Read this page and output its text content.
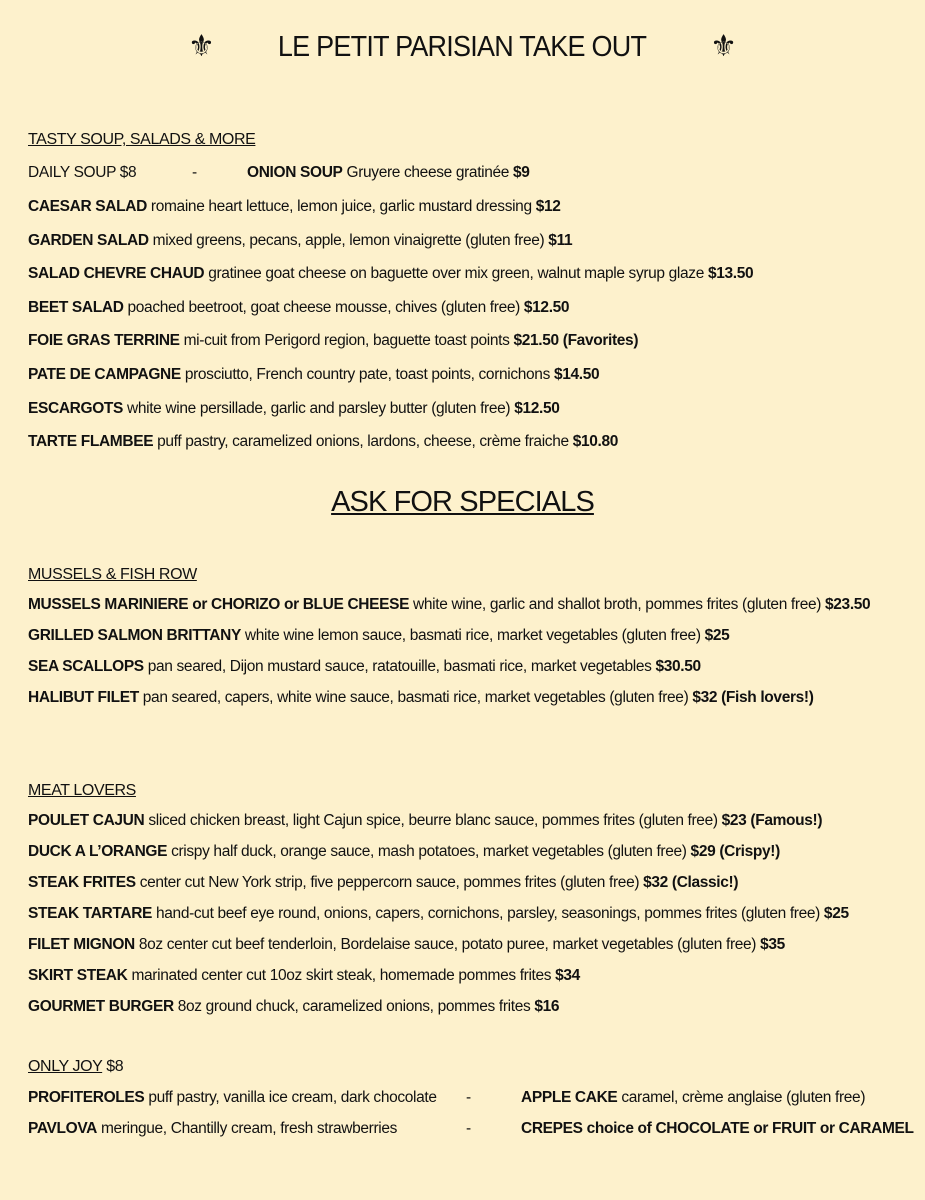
⚜ LE PETIT PARISIAN TAKE OUT ⚜
TASTY SOUP, SALADS & MORE
DAILY SOUP $8	-	ONION SOUP Gruyere cheese gratinée $9
CAESAR SALAD romaine heart lettuce, lemon juice, garlic mustard dressing $12
GARDEN SALAD mixed greens, pecans, apple, lemon vinaigrette (gluten free) $11
SALAD CHEVRE CHAUD gratinee goat cheese on baguette over mix green, walnut maple syrup glaze $13.50
BEET SALAD poached beetroot, goat cheese mousse, chives (gluten free) $12.50
FOIE GRAS TERRINE mi-cuit from Perigord region, baguette toast points $21.50 (Favorites)
PATE DE CAMPAGNE prosciutto, French country pate, toast points, cornichons $14.50
ESCARGOTS white wine persillade, garlic and parsley butter (gluten free) $12.50
TARTE FLAMBEE puff pastry, caramelized onions, lardons, cheese, crème fraiche $10.80
ASK FOR SPECIALS
MUSSELS & FISH ROW
MUSSELS MARINIERE or CHORIZO or BLUE CHEESE white wine, garlic and shallot broth, pommes frites (gluten free) $23.50
GRILLED SALMON BRITTANY white wine lemon sauce, basmati rice, market vegetables (gluten free) $25
SEA SCALLOPS pan seared, Dijon mustard sauce, ratatouille, basmati rice, market vegetables $30.50
HALIBUT FILET pan seared, capers, white wine sauce, basmati rice, market vegetables (gluten free) $32 (Fish lovers!)
MEAT LOVERS
POULET CAJUN sliced chicken breast, light Cajun spice, beurre blanc sauce, pommes frites (gluten free) $23 (Famous!)
DUCK A L’ORANGE crispy half duck, orange sauce, mash potatoes, market vegetables (gluten free) $29 (Crispy!)
STEAK FRITES center cut New York strip, five peppercorn sauce, pommes frites (gluten free) $32 (Classic!)
STEAK TARTARE hand-cut beef eye round, onions, capers, cornichons, parsley, seasonings, pommes frites (gluten free) $25
FILET MIGNON 8oz center cut beef tenderloin, Bordelaise sauce, potato puree, market vegetables (gluten free) $35
SKIRT STEAK marinated center cut 10oz skirt steak, homemade pommes frites $34
GOURMET BURGER 8oz ground chuck, caramelized onions, pommes frites $16
ONLY JOY $8
PROFITEROLES puff pastry, vanilla ice cream, dark chocolate -	APPLE CAKE caramel, crème anglaise (gluten free)
PAVLOVA meringue, Chantilly cream, fresh strawberries	-	CREPES choice of CHOCOLATE or FRUIT or CARAMEL
